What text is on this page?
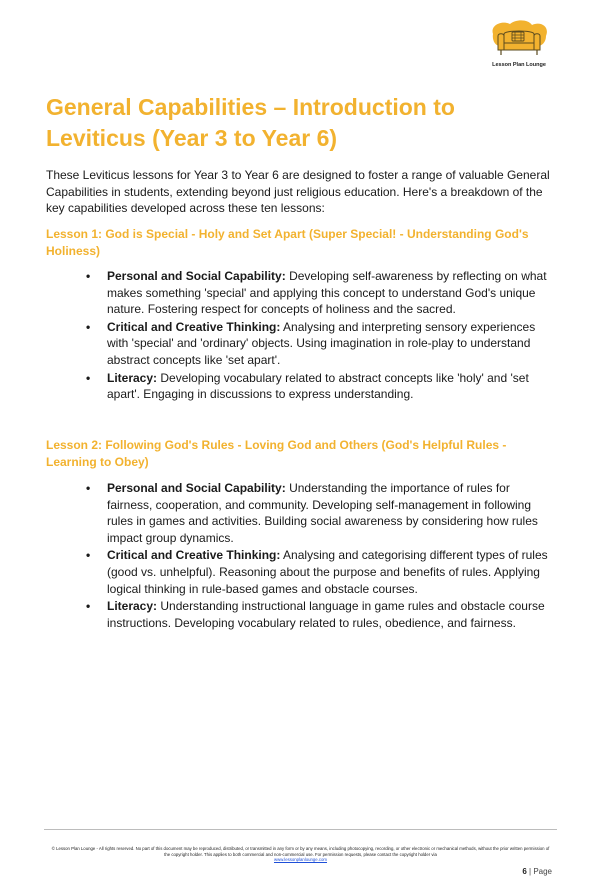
Lesson Plan Lounge
General Capabilities – Introduction to Leviticus (Year 3 to Year 6)

These Leviticus lessons for Year 3 to Year 6 are designed to foster a range of valuable General Capabilities in students, extending beyond just religious education. Here's a breakdown of the key capabilities developed across these ten lessons:

Lesson 1: God is Special - Holy and Set Apart (Super Special! - Understanding God's Holiness)
• Personal and Social Capability: Developing self-awareness by reflecting on what makes something 'special' and applying this concept to understand God's unique nature. Fostering respect for concepts of holiness and the sacred.
• Critical and Creative Thinking: Analysing and interpreting sensory experiences with 'special' and 'ordinary' objects. Using imagination in role-play to understand abstract concepts like 'set apart'.
• Literacy: Developing vocabulary related to abstract concepts like 'holy' and 'set apart'. Engaging in discussions to express understanding.
Lesson 2: Following God's Rules - Loving God and Others (God's Helpful Rules - Learning to Obey)
• Personal and Social Capability: Understanding the importance of rules for fairness, cooperation, and community. Developing self-management in following rules in games and activities. Building social awareness by considering how rules impact group dynamics.
• Critical and Creative Thinking: Analysing and categorising different types of rules (good vs. unhelpful). Reasoning about the purpose and benefits of rules. Applying logical thinking in rule-based games and obstacle courses.
• Literacy: Understanding instructional language in game rules and obstacle course instructions. Developing vocabulary related to rules, obedience, and fairness.
© Lesson Plan Lounge - All rights reserved. No part of this document may be reproduced, distributed, or transmitted in any form or by any means, including photocopying, recording, or other electronic or mechanical methods, without the prior written permission of the copyright holder. This applies to both commercial and non-commercial use. For permission requests, please contact the copyright holder via
www.lessonplanlounge.com
6 | Page
